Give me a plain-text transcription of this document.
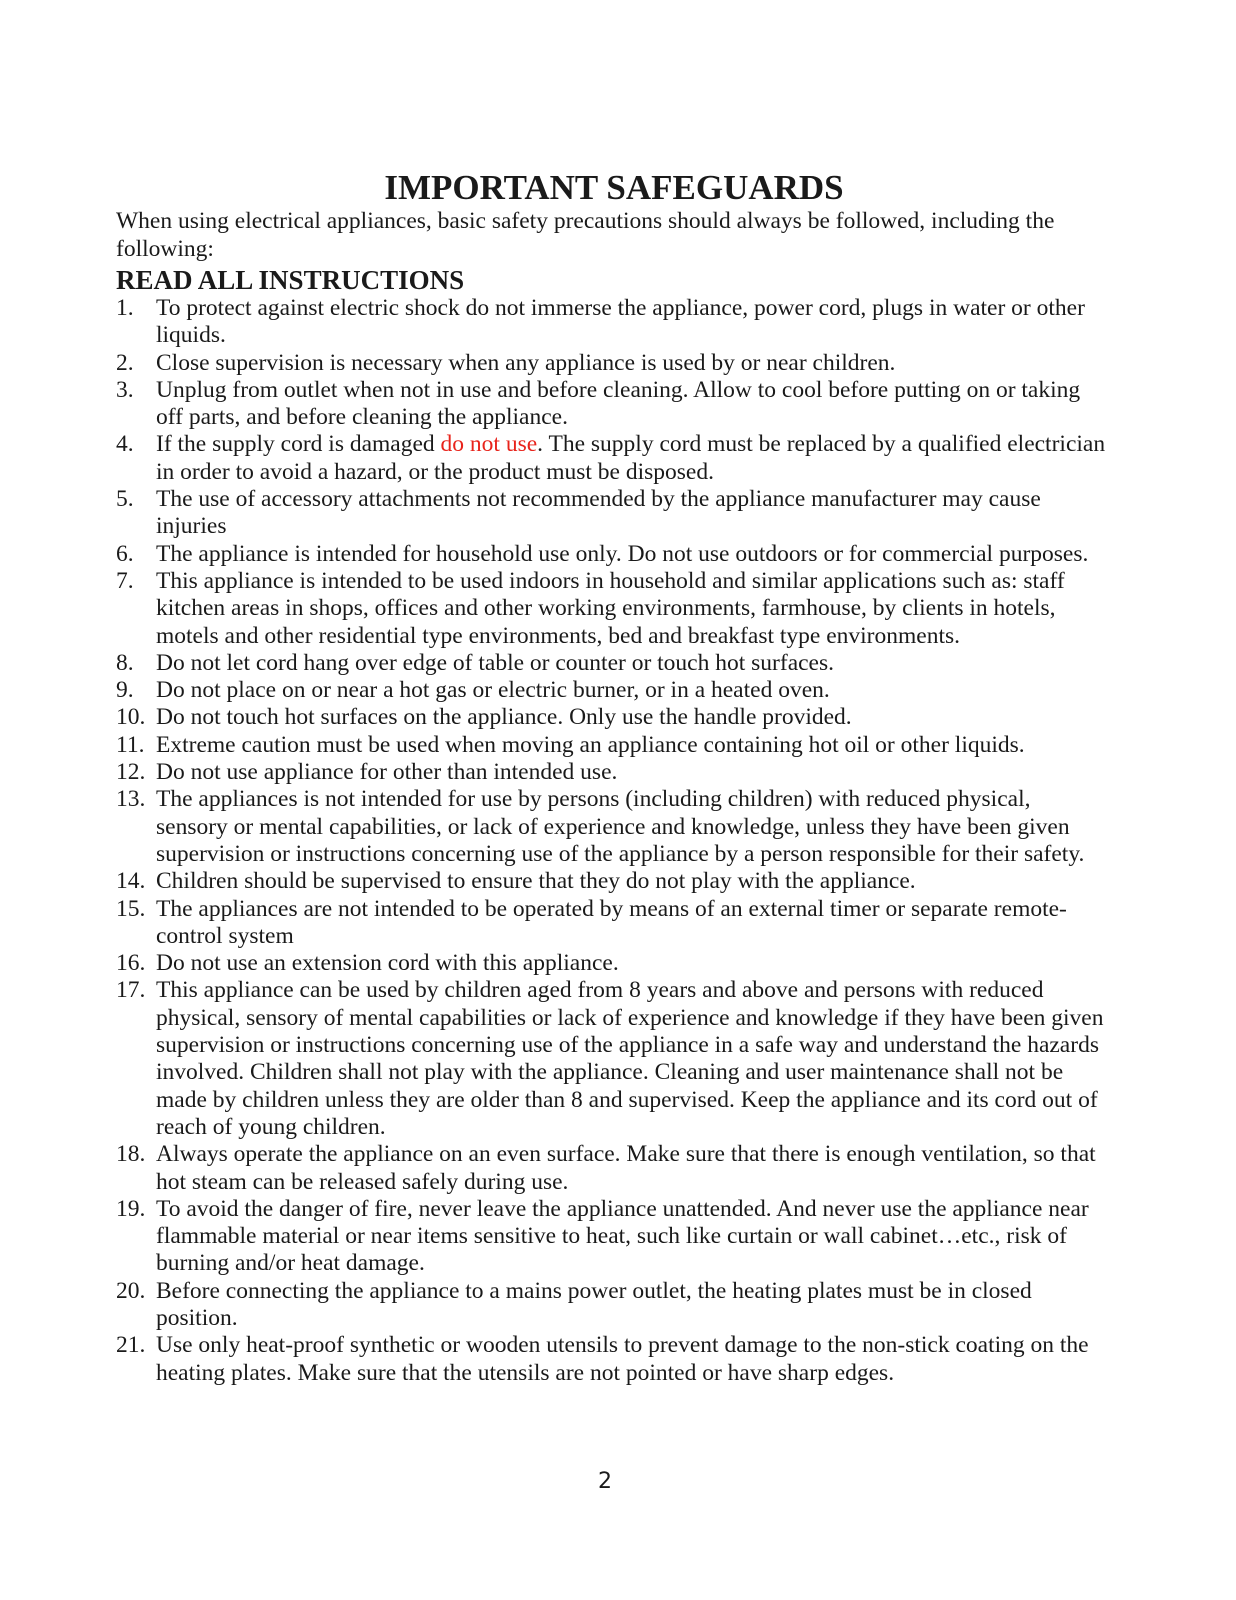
IMPORTANT SAFEGUARDS

When using electrical appliances, basic safety precautions should always be followed, including the following:

READ ALL INSTRUCTIONS
1. To protect against electric shock do not immerse the appliance, power cord, plugs in water or other liquids.
2. Close supervision is necessary when any appliance is used by or near children.
3. Unplug from outlet when not in use and before cleaning. Allow to cool before putting on or taking off parts, and before cleaning the appliance.
4. If the supply cord is damaged do not use. The supply cord must be replaced by a qualified electrician in order to avoid a hazard, or the product must be disposed.
5. The use of accessory attachments not recommended by the appliance manufacturer may cause injuries
6. The appliance is intended for household use only. Do not use outdoors or for commercial purposes.
7. This appliance is intended to be used indoors in household and similar applications such as: staff kitchen areas in shops, offices and other working environments, farmhouse, by clients in hotels, motels and other residential type environments, bed and breakfast type environments.
8. Do not let cord hang over edge of table or counter or touch hot surfaces.
9. Do not place on or near a hot gas or electric burner, or in a heated oven.
10. Do not touch hot surfaces on the appliance. Only use the handle provided.
11. Extreme caution must be used when moving an appliance containing hot oil or other liquids.
12. Do not use appliance for other than intended use.
13. The appliances is not intended for use by persons (including children) with reduced physical, sensory or mental capabilities, or lack of experience and knowledge, unless they have been given supervision or instructions concerning use of the appliance by a person responsible for their safety.
14. Children should be supervised to ensure that they do not play with the appliance.
15. The appliances are not intended to be operated by means of an external timer or separate remote-control system
16. Do not use an extension cord with this appliance.
17. This appliance can be used by children aged from 8 years and above and persons with reduced physical, sensory of mental capabilities or lack of experience and knowledge if they have been given supervision or instructions concerning use of the appliance in a safe way and understand the hazards involved. Children shall not play with the appliance. Cleaning and user maintenance shall not be made by children unless they are older than 8 and supervised. Keep the appliance and its cord out of reach of young children.
18. Always operate the appliance on an even surface. Make sure that there is enough ventilation, so that hot steam can be released safely during use.
19. To avoid the danger of fire, never leave the appliance unattended. And never use the appliance near flammable material or near items sensitive to heat, such like curtain or wall cabinet…etc., risk of burning and/or heat damage.
20. Before connecting the appliance to a mains power outlet, the heating plates must be in closed position.
21. Use only heat-proof synthetic or wooden utensils to prevent damage to the non-stick coating on the heating plates. Make sure that the utensils are not pointed or have sharp edges.
2
